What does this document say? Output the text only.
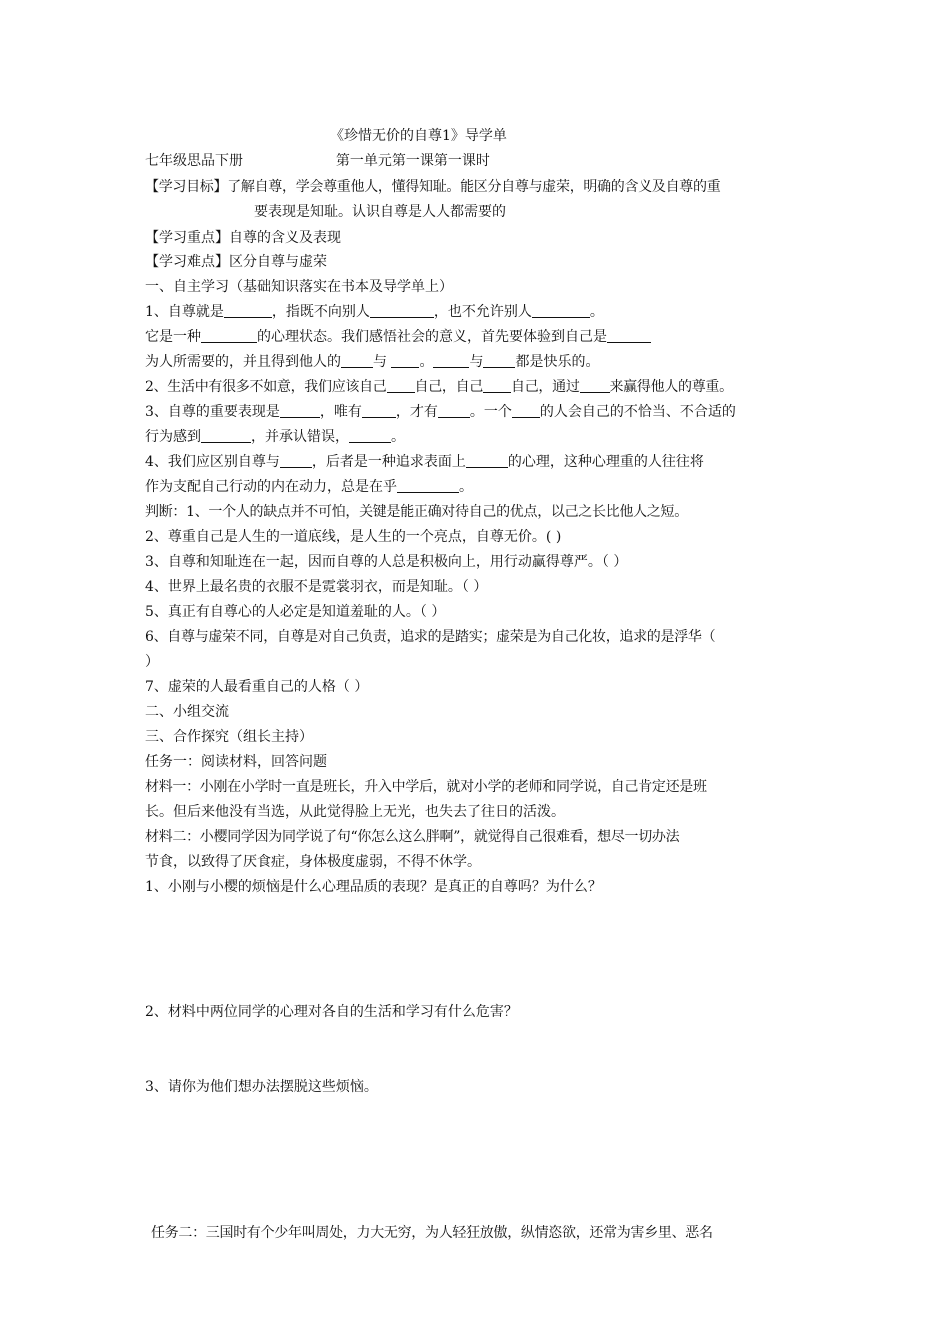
《珍惜无价的自尊1》导学单
七年级思品下册	第一单元第一课第一课时
【学习目标】了解自尊，学会尊重他人，懂得知耻。能区分自尊与虚荣，明确的含义及自尊的重
要表现是知耻。认识自尊是人人都需要的
【学习重点】自尊的含义及表现
【学习难点】区分自尊与虚荣
一、自主学习（基础知识落实在书本及导学单上）
1、自尊就是	，指既不向别人	，也不允许别人	。
它是一种	的心理状态。我们感悟社会的意义，首先要体验到自己是
为人所需要的，并且得到他人的 与 。	与 都是快乐的。
2、生活中有很多不如意，我们应该自己 自己，自己 自己，通过 来赢得他人的尊重。
3、自尊的重要表现是	，唯有 ，才有 。一个 的人会自己的不恰当、不合适的
行为感到	，并承认错误，	。
4、我们应区别自尊与 ，后者是一种追求表面上	的心理，这种心理重的人往往将
作为支配自己行动的内在动力，总是在乎	。
判断：1、一个人的缺点并不可怕，关键是能正确对待自己的优点，以己之长比他人之短。
2、尊重自己是人生的一道底线，是人生的一个亮点，自尊无价。( )
3、自尊和知耻连在一起，因而自尊的人总是积极向上，用行动赢得尊严。（ ）
4、世界上最名贵的衣服不是霓裳羽衣，而是知耻。（ ）
5、真正有自尊心的人必定是知道羞耻的人。（ ）
6、自尊与虚荣不同，自尊是对自己负责，追求的是踏实；虚荣是为自己化妆，追求的是浮华（
）
7、虚荣的人最看重自己的人格（ ）
二、小组交流
三、合作探究（组长主持）
任务一：阅读材料，回答问题
材料一：小刚在小学时一直是班长，升入中学后，就对小学的老师和同学说，自己肯定还是班
长。但后来他没有当选，从此觉得脸上无光，也失去了往日的活泼。
材料二：小樱同学因为同学说了句“你怎么这么胖啊”，就觉得自己很难看，想尽一切办法
节食，以致得了厌食症，身体极度虚弱，不得不休学。
1、小刚与小樱的烦恼是什么心理品质的表现？是真正的自尊吗？为什么？
2、材料中两位同学的心理对各自的生活和学习有什么危害？
3、请你为他们想办法摆脱这些烦恼。
任务二：三国时有个少年叫周处，力大无穷，为人轻狂放傲，纵情恣欲，还常为害乡里、恶名
